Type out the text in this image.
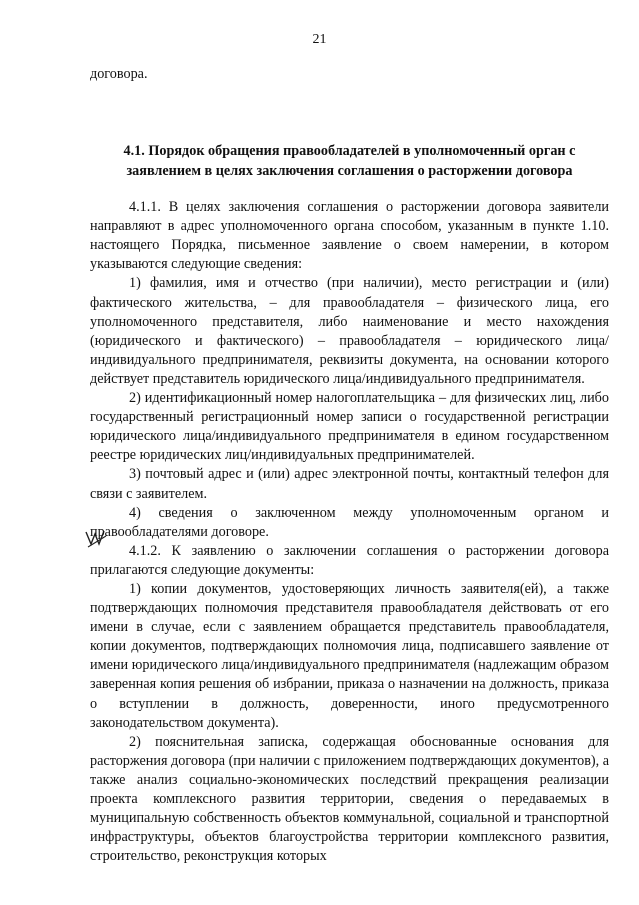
21

договора.

4.1. Порядок обращения правообладателей в уполномоченный орган с заявлением в целях заключения соглашения о расторжении договора

4.1.1. В целях заключения соглашения о расторжении договора заявители направляют в адрес уполномоченного органа способом, указанным в пункте 1.10. настоящего Порядка, письменное заявление о своем намерении, в котором указываются следующие сведения:

1) фамилия, имя и отчество (при наличии), место регистрации и (или) фактического жительства, – для правообладателя – физического лица, его уполномоченного представителя, либо наименование и место нахождения (юридического и фактического) – правообладателя – юридического лица/индивидуального предпринимателя, реквизиты документа, на основании которого действует представитель юридического лица/индивидуального предпринимателя.

2) идентификационный номер налогоплательщика – для физических лиц, либо государственный регистрационный номер записи о государственной регистрации юридического лица/индивидуального предпринимателя в едином государственном реестре юридических лиц/индивидуальных предпринимателей.

3) почтовый адрес и (или) адрес электронной почты, контактный телефон для связи с заявителем.

4) сведения о заключенном между уполномоченным органом и правообладателями договоре.

4.1.2. К заявлению о заключении соглашения о расторжении договора прилагаются следующие документы:

1) копии документов, удостоверяющих личность заявителя(ей), а также подтверждающих полномочия представителя правообладателя действовать от его имени в случае, если с заявлением обращается представитель правообладателя, копии документов, подтверждающих полномочия лица, подписавшего заявление от имени юридического лица/индивидуального предпринимателя (надлежащим образом заверенная копия решения об избрании, приказа о назначении на должность, приказа о вступлении в должность, доверенности, иного предусмотренного законодательством документа).

2) пояснительная записка, содержащая обоснованные основания для расторжения договора (при наличии с приложением подтверждающих документов), а также анализ социально-экономических последствий прекращения реализации проекта комплексного развития территории, сведения о передаваемых в муниципальную собственность объектов коммунальной, социальной и транспортной инфраструктуры, объектов благоустройства территории комплексного развития, строительство, реконструкция которых
